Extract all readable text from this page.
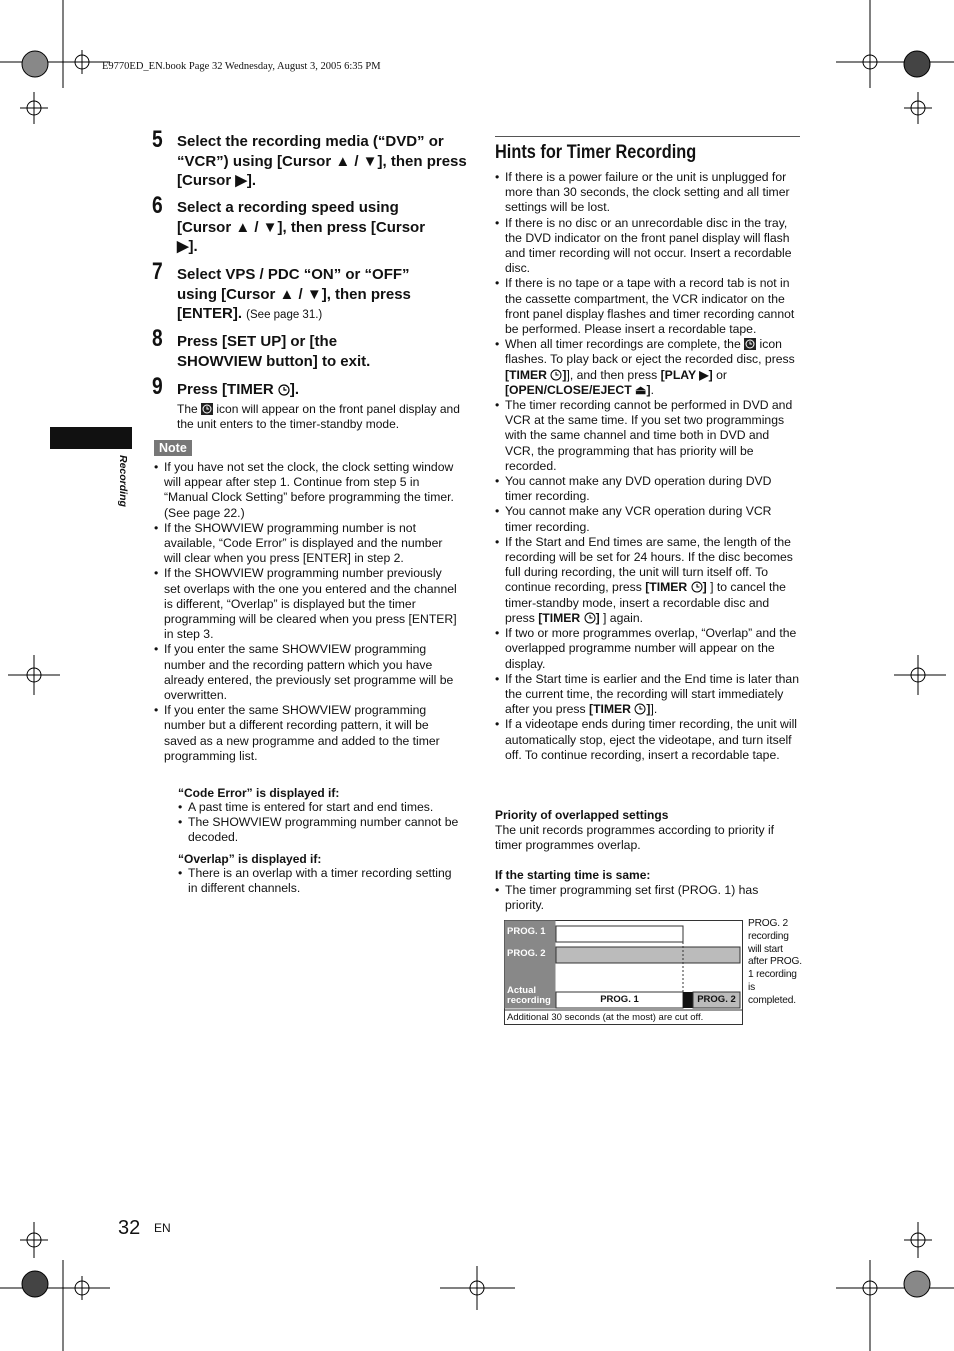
E9770ED_EN.book Page 32 Wednesday, August 3, 2005 6:35 PM
Recording
5 Select the recording media (“DVD” or “VCR”) using [Cursor ▲ / ▼], then press [Cursor ▶].
6 Select a recording speed using [Cursor ▲ / ▼], then press [Cursor ▶].
7 Select VPS / PDC “ON” or “OFF” using [Cursor ▲ / ▼], then press [ENTER]. (See page 31.)
8 Press [SET UP] or [the SHOWVIEW button] to exit.
9 Press [TIMER ].
The icon will appear on the front panel display and the unit enters to the timer-standby mode.
Note
• If you have not set the clock, the clock setting window will appear after step 1. Continue from step 5 in “Manual Clock Setting” before programming the timer. (See page 22.)
• If the SHOWVIEW programming number is not available, “Code Error” is displayed and the number will clear when you press [ENTER] in step 2.
• If the SHOWVIEW programming number previously set overlaps with the one you entered and the channel is different, “Overlap” is displayed but the timer programming will be cleared when you press [ENTER] in step 3.
• If you enter the same SHOWVIEW programming number and the recording pattern which you have already entered, the previously set programme will be overwritten.
• If you enter the same SHOWVIEW programming number but a different recording pattern, it will be saved as a new programme and added to the timer programming list.
“Code Error” is displayed if:
• A past time is entered for start and end times.
• The SHOWVIEW programming number cannot be decoded.
“Overlap” is displayed if:
• There is an overlap with a timer recording setting in different channels.
Hints for Timer Recording
• If there is a power failure or the unit is unplugged for more than 30 seconds, the clock setting and all timer settings will be lost.
• If there is no disc or an unrecordable disc in the tray, the DVD indicator on the front panel display will flash and timer recording will not occur. Insert a recordable disc.
• If there is no tape or a tape with a record tab is not in the cassette compartment, the VCR indicator on the front panel display flashes and timer recording cannot be performed. Please insert a recordable tape.
• When all timer recordings are complete, the icon flashes. To play back or eject the recorded disc, press [TIMER ]], and then press [PLAY ▶] or [OPEN/CLOSE/EJECT ⏏].
• The timer recording cannot be performed in DVD and VCR at the same time. If you set two programmings with the same channel and time both in DVD and VCR, the programming that has priority will be recorded.
• You cannot make any DVD operation during DVD timer recording.
• You cannot make any VCR operation during VCR timer recording.
• If the Start and End times are same, the length of the recording will be set for 24 hours. If the disc becomes full during recording, the unit will turn itself off. To continue recording, press [TIMER ] ] to cancel the timer-standby mode, insert a recordable disc and press [TIMER ] ] again.
• If two or more programmes overlap, “Overlap” and the overlapped programme number will appear on the display.
• If the Start time is earlier and the End time is later than the current time, the recording will start immediately after you press [TIMER ]].
• If a videotape ends during timer recording, the unit will automatically stop, eject the videotape, and turn itself off. To continue recording, insert a recordable tape.
Priority of overlapped settings
The unit records programmes according to priority if timer programmes overlap.
If the starting time is same:
• The timer programming set first (PROG. 1) has priority.
PROG. 1
PROG. 2
Actual
recording	PROG. 1	PROG. 2
Additional 30 seconds (at the most) are cut off.
PROG. 2 recording will start after PROG. 1 recording is completed.
32 EN
